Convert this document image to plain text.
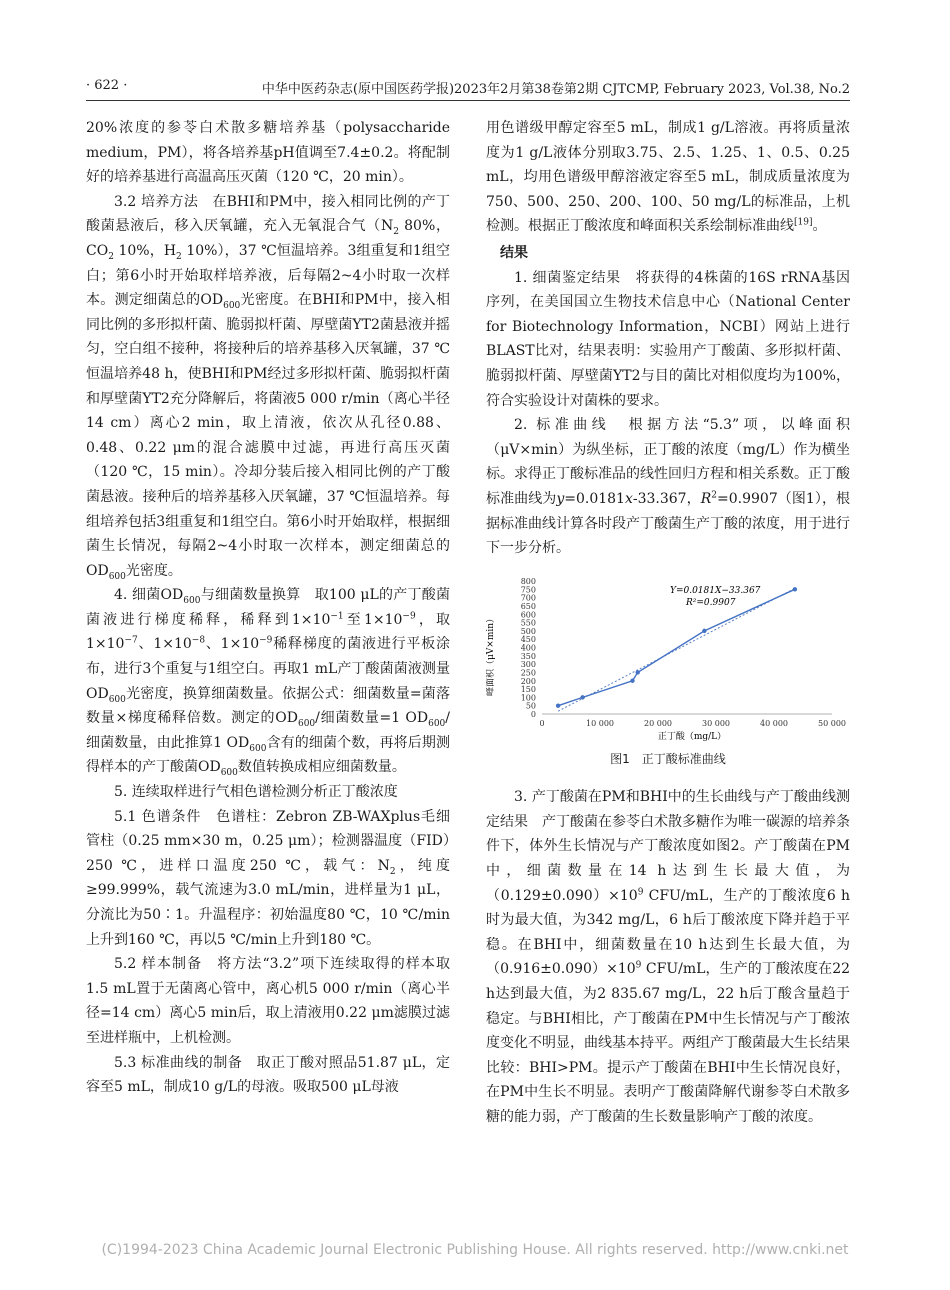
· 622 ·	中华中医药杂志(原中国医药学报)2023年2月第38卷第2期 CJTCMP, February 2023, Vol.38, No.2

20%浓度的参苓白术散多糖培养基（polysaccharide medium，PM），将各培养基pH值调至7.4±0.2。将配制好的培养基进行高温高压灭菌（120 ℃，20 min）。

3.2 培养方法　在BHI和PM中，接入相同比例的产丁酸菌悬液后，移入厌氧罐，充入无氧混合气（$N_2$ 80%，$CO_2$ 10%，$H_2$ 10%），37 ℃恒温培养。3组重复和1组空白；第6小时开始取样培养液，后每隔2~4小时取一次样本。测定细菌总的$OD_{600}$光密度。在BHI和PM中，接入相同比例的多形拟杆菌、脆弱拟杆菌、厚壁菌YT2菌悬液并摇匀，空白组不接种，将接种后的培养基移入厌氧罐，37 ℃恒温培养48 h，使BHI和PM经过多形拟杆菌、脆弱拟杆菌和厚壁菌YT2充分降解后，将菌液5 000 r/min（离心半径14 cm）离心2 min，取上清液，依次从孔径0.88、0.48、0.22 μm的混合滤膜中过滤，再进行高压灭菌（120 ℃，15 min）。冷却分装后接入相同比例的产丁酸菌悬液。接种后的培养基移入厌氧罐，37 ℃恒温培养。每组培养包括3组重复和1组空白。第6小时开始取样，根据细菌生长情况，每隔2~4小时取一次样本，测定细菌总的$OD_{600}$光密度。

4. 细菌$OD_{600}$与细菌数量换算　取100 μL的产丁酸菌菌液进行梯度稀释，稀释到$1\times 10^{-1}$至$1\times 10^{-9}$，取$1\times 10^{-7}$、$1\times 10^{-8}$、$1\times 10^{-9}$稀释梯度的菌液进行平板涂布，进行3个重复与1组空白。再取1 mL产丁酸菌菌液测量$OD_{600}$光密度，换算细菌数量。依据公式：细菌数量=菌落数量×梯度稀释倍数。测定的$OD_{600}/$细菌数量=1 $OD_{600}/$细菌数量，由此推算1 $OD_{600}$含有的细菌个数，再将后期测得样本的产丁酸菌$OD_{600}$数值转换成相应细菌数量。

5. 连续取样进行气相色谱检测分析正丁酸浓度

5.1 色谱条件　色谱柱：Zebron ZB-WAXplus毛细管柱（0.25 mm×30 m，0.25 μm）；检测器温度（FID）250 ℃，进样口温度250 ℃，载气：$N_2$，纯度≥99.999%，载气流速为3.0 mL/min，进样量为1 μL，分流比为50∶1。升温程序：初始温度80 ℃，10 ℃/min上升到160 ℃，再以5 ℃/min上升到180 ℃。

5.2 样本制备　将方法“3.2”项下连续取得的样本取1.5 mL置于无菌离心管中，离心机5 000 r/min（离心半径=14 cm）离心5 min后，取上清液用0.22 μm滤膜过滤至进样瓶中，上机检测。

5.3 标准曲线的制备　取正丁酸对照品51.87 μL，定容至5 mL，制成10 g/L的母液。吸取500 μL母液

用色谱级甲醇定容至5 mL，制成1 g/L溶液。再将质量浓度为1 g/L液体分别取3.75、2.5、1.25、1、0.5、0.25 mL，均用色谱级甲醇溶液定容至5 mL，制成质量浓度为750、500、250、200、100、50 mg/L的标准品，上机检测。根据正丁酸浓度和峰面积关系绘制标准曲线[19]。

结果

1. 细菌鉴定结果　将获得的4株菌的16S rRNA基因序列，在美国国立生物技术信息中心（National Center for Biotechnology Information，NCBI）网站上进行BLAST比对，结果表明：实验用产丁酸菌、多形拟杆菌、脆弱拟杆菌、厚壁菌YT2与目的菌比对相似度均为100%，符合实验设计对菌株的要求。

2. 标准曲线　根据方法“5.3”项，以峰面积（μV×min）为纵坐标，正丁酸的浓度（mg/L）作为横坐标。求得正丁酸标准品的线性回归方程和相关系数。正丁酸标准曲线为y=0.0181x-33.367，$R^2=0.9907$（图1），根据标准曲线计算各时段产丁酸菌生产丁酸的浓度，用于进行下一步分析。

0
50
100
150
200
250
300
350
400
450
500
550
600
650
700
750
800
0	10 000	20 000	30 000	40 000	50 000
峰面积（μV×min）
正丁酸（mg/L）
Y=0.0181X−33.367
R²=0.9907
图1　正丁酸标准曲线

3. 产丁酸菌在PM和BHI中的生长曲线与产丁酸曲线测定结果　产丁酸菌在参苓白术散多糖作为唯一碳源的培养条件下，体外生长情况与产丁酸浓度如图2。产丁酸菌在PM中，细菌数量在14 h达到生长最大值，为$(0.129\pm 0.090)\times 10^9$ CFU/mL，生产的丁酸浓度6 h时为最大值，为342 mg/L，6 h后丁酸浓度下降并趋于平稳。在BHI中，细菌数量在10 h达到生长最大值，为$(0.916\pm 0.090)\times 10^9$ CFU/mL，生产的丁酸浓度在22 h达到最大值，为2 835.67 mg/L，22 h后丁酸含量趋于稳定。与BHI相比，产丁酸菌在PM中生长情况与产丁酸浓度变化不明显，曲线基本持平。两组产丁酸菌最大生长结果比较：BHI>PM。提示产丁酸菌在BHI中生长情况良好，在PM中生长不明显。表明产丁酸菌降解代谢参苓白术散多糖的能力弱，产丁酸菌的生长数量影响产丁酸的浓度。

(C)1994-2023 China Academic Journal Electronic Publishing House. All rights reserved. http://www.cnki.net
